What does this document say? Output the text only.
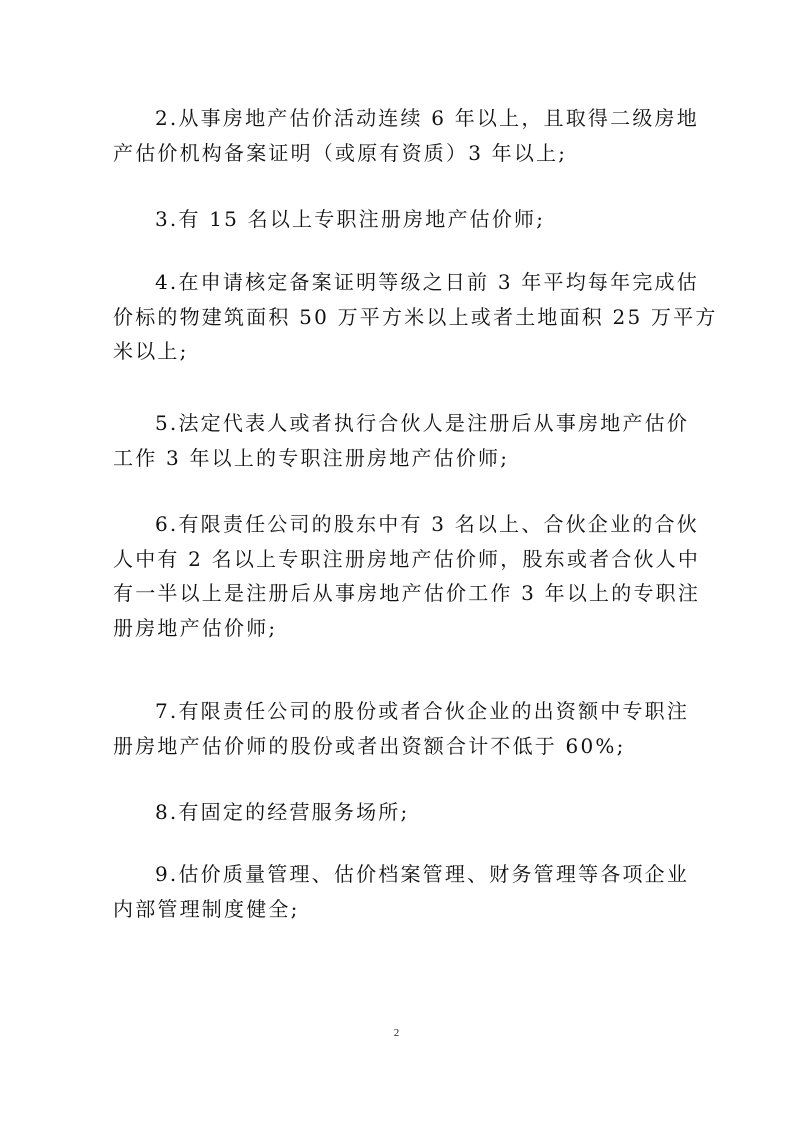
2.从事房地产估价活动连续 6 年以上，且取得二级房地
产估价机构备案证明（或原有资质）3 年以上;

3.有 15 名以上专职注册房地产估价师;

4.在申请核定备案证明等级之日前 3 年平均每年完成估
价标的物建筑面积 50 万平方米以上或者土地面积 25 万平方
米以上;

5.法定代表人或者执行合伙人是注册后从事房地产估价
工作 3 年以上的专职注册房地产估价师;

6.有限责任公司的股东中有 3 名以上、合伙企业的合伙
人中有 2 名以上专职注册房地产估价师，股东或者合伙人中
有一半以上是注册后从事房地产估价工作 3 年以上的专职注
册房地产估价师;

7.有限责任公司的股份或者合伙企业的出资额中专职注
册房地产估价师的股份或者出资额合计不低于 60%;

8.有固定的经营服务场所;

9.估价质量管理、估价档案管理、财务管理等各项企业
内部管理制度健全;

2
